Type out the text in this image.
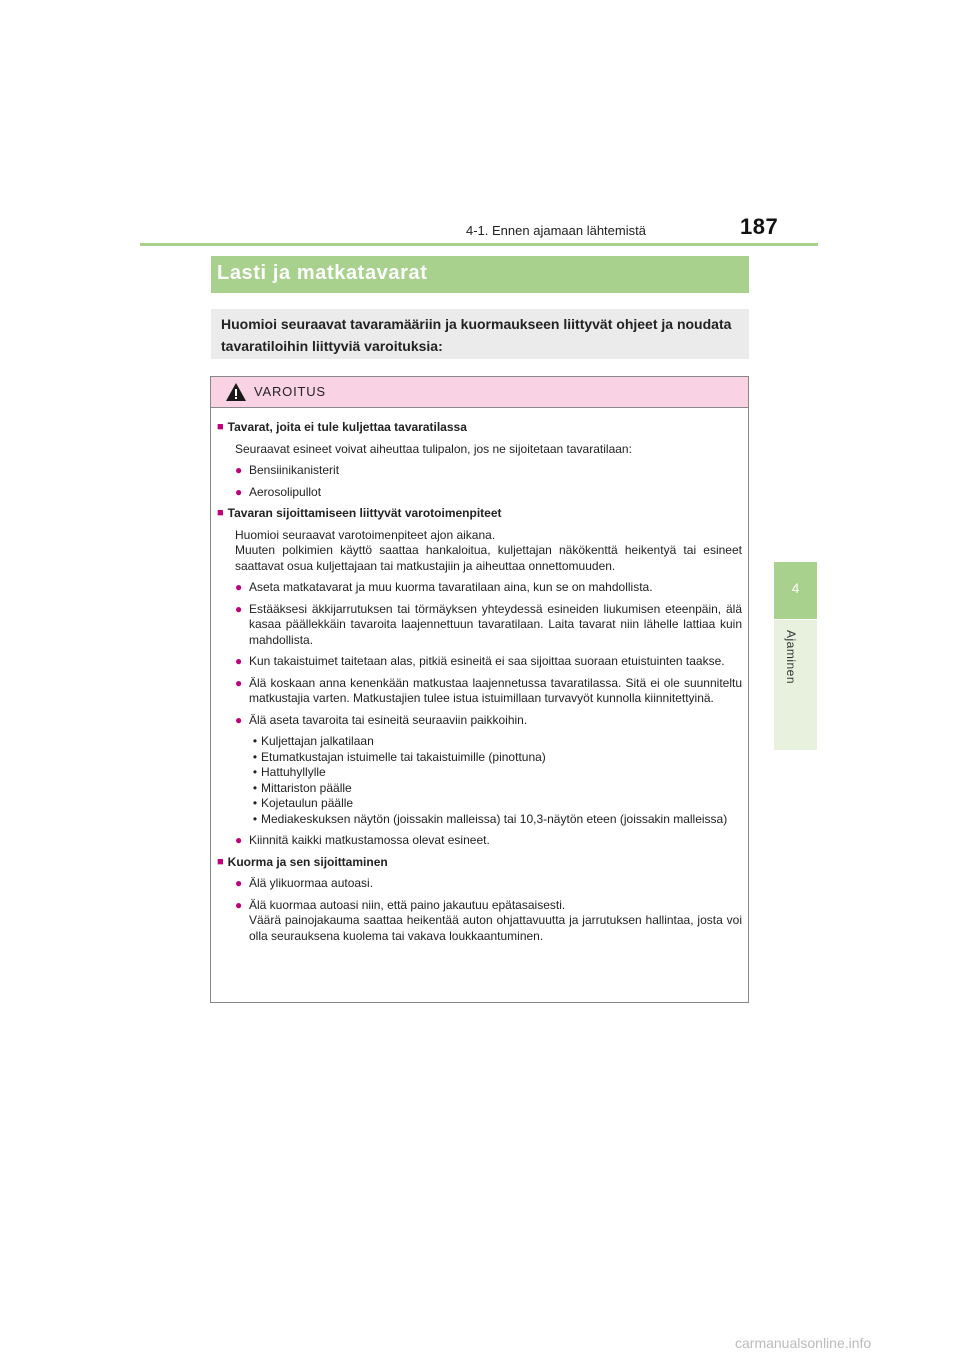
4-1. Ennen ajamaan lähtemistä	187
4
Ajaminen
Lasti ja matkatavarat

Huomioi seuraavat tavaramääriin ja kuormaukseen liittyvät ohjeet ja noudata tavaratiloihin liittyviä varoituksia:

VAROITUS
■ Tavarat, joita ei tule kuljettaa tavaratilassa
Seuraavat esineet voivat aiheuttaa tulipalon, jos ne sijoitetaan tavaratilaan:
● Bensiinikanisterit
● Aerosolipullot
■ Tavaran sijoittamiseen liittyvät varotoimenpiteet
Huomioi seuraavat varotoimenpiteet ajon aikana.
Muuten polkimien käyttö saattaa hankaloitua, kuljettajan näkökenttä heikentyä tai esineet saattavat osua kuljettajaan tai matkustajiin ja aiheuttaa onnettomuuden.
● Aseta matkatavarat ja muu kuorma tavaratilaan aina, kun se on mahdollista.
● Estääksesi äkkijarrutuksen tai törmäyksen yhteydessä esineiden liukumisen eteenpäin, älä kasaa päällekkäin tavaroita laajennettuun tavaratilaan. Laita tavarat niin lähelle lattiaa kuin mahdollista.
● Kun takaistuimet taitetaan alas, pitkiä esineitä ei saa sijoittaa suoraan etuistuinten taakse.
● Älä koskaan anna kenenkään matkustaa laajennetussa tavaratilassa. Sitä ei ole suunniteltu matkustajia varten. Matkustajien tulee istua istuimillaan turvavyöt kunnolla kiinnitettyinä.
● Älä aseta tavaroita tai esineitä seuraaviin paikkoihin.
• Kuljettajan jalkatilaan
• Etumatkustajan istuimelle tai takaistuimille (pinottuna)
• Hattuhyllylle
• Mittariston päälle
• Kojetaulun päälle
• Mediakeskuksen näytön (joissakin malleissa) tai 10,3-näytön eteen (joissakin malleissa)
● Kiinnitä kaikki matkustamossa olevat esineet.
■ Kuorma ja sen sijoittaminen
● Älä ylikuormaa autoasi.
● Älä kuormaa autoasi niin, että paino jakautuu epätasaisesti.
Väärä painojakauma saattaa heikentää auton ohjattavuutta ja jarrutuksen hallintaa, josta voi olla seurauksena kuolema tai vakava loukkaantuminen.
carmanualsonline.info
